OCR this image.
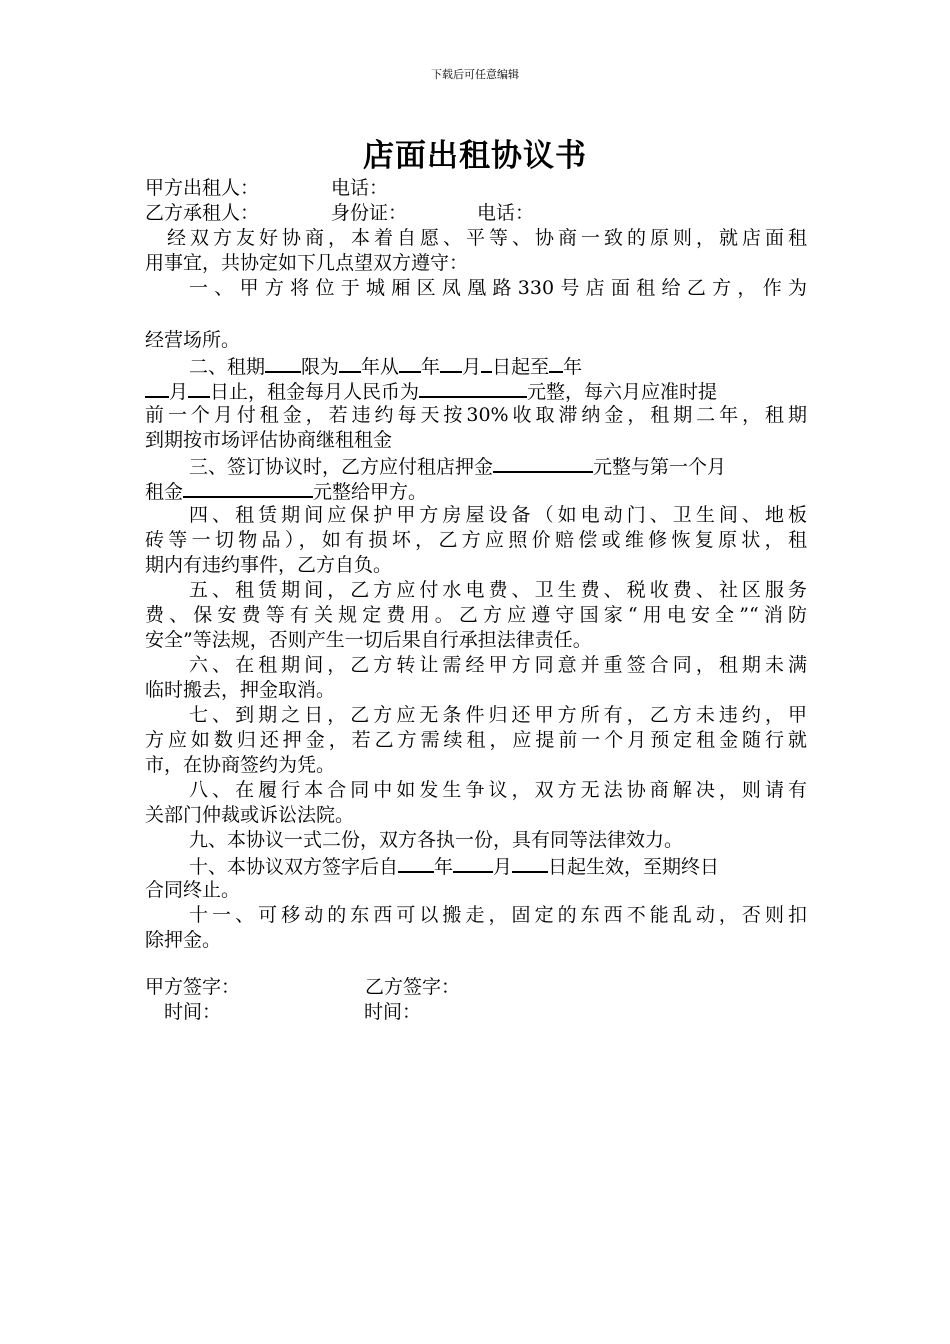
下载后可任意编辑
店面出租协议书
甲方出租人：	电话：
乙方承租人：	身份证：	电话：
经双方友好协商，本着自愿、平等、协商一致的原则，就店面租
用事宜，共协定如下几点望双方遵守：
一、甲方将位于城厢区凤凰路330号店面租给乙方，作为
经营场所。
二、租期 限为 年从 年 月 日起至 年
月 日止，租金每月人民币为	元整，每六月应准时提
前一个月付租金，若违约每天按30%收取滞纳金，租期二年，租期
到期按市场评估协商继租租金
三、签订协议时，乙方应付租店押金	元整与第一个月
租金	元整给甲方。
四、租赁期间应保护甲方房屋设备（如电动门、卫生间、地板
砖等一切物品），如有损坏，乙方应照价赔偿或维修恢复原状，租
期内有违约事件，乙方自负。
五、租赁期间，乙方应付水电费、卫生费、税收费、社区服务
费、保安费等有关规定费用。乙方应遵守国家“用电安全”“消防
安全”等法规，否则产生一切后果自行承担法律责任。
六、在租期间，乙方转让需经甲方同意并重签合同，租期未满
临时搬去，押金取消。
七、到期之日，乙方应无条件归还甲方所有，乙方未违约，甲
方应如数归还押金，若乙方需续租，应提前一个月预定租金随行就
市，在协商签约为凭。
八、在履行本合同中如发生争议，双方无法协商解决，则请有
关部门仲裁或诉讼法院。
九、本协议一式二份，双方各执一份，具有同等法律效力。
十、本协议双方签字后自 年 月 日起生效，至期终日
合同终止。
十一、可移动的东西可以搬走，固定的东西不能乱动，否则扣
除押金。
甲方签字：	乙方签字：
时间：	时间：
